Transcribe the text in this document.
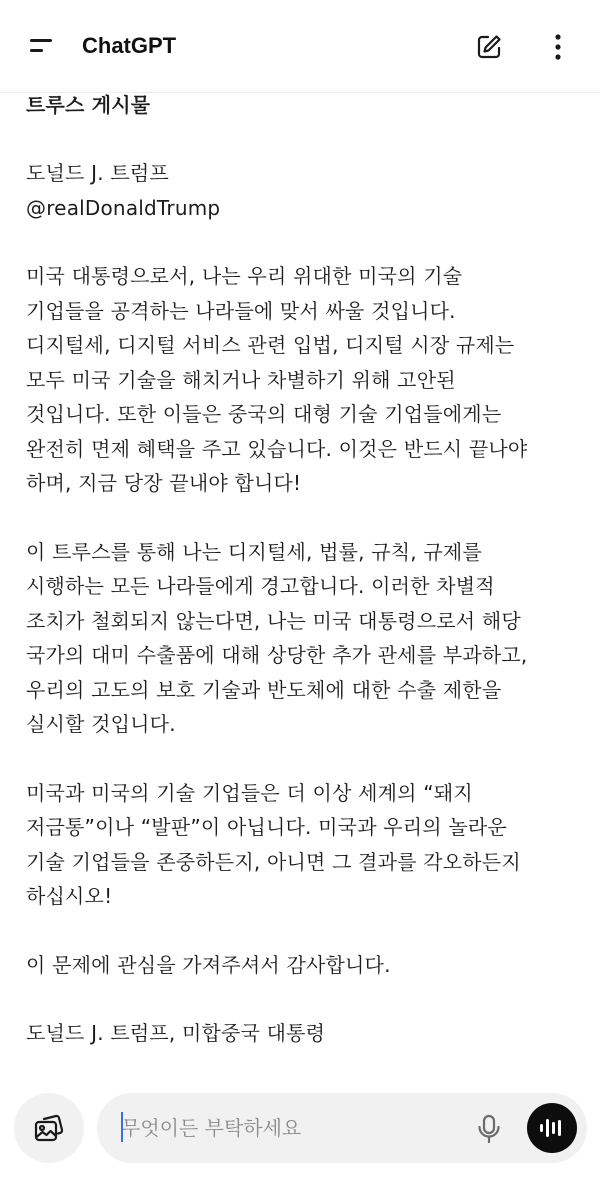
ChatGPT

트루스 게시물

도널드 J. 트럼프

@realDonaldTrump

미국 대통령으로서, 나는 우리 위대한 미국의 기술
기업들을 공격하는 나라들에 맞서 싸울 것입니다.
디지털세, 디지털 서비스 관련 입법, 디지털 시장 규제는
모두 미국 기술을 해치거나 차별하기 위해 고안된
것입니다. 또한 이들은 중국의 대형 기술 기업들에게는
완전히 면제 혜택을 주고 있습니다. 이것은 반드시 끝나야
하며, 지금 당장 끝내야 합니다!

이 트루스를 통해 나는 디지털세, 법률, 규칙, 규제를
시행하는 모든 나라들에게 경고합니다. 이러한 차별적
조치가 철회되지 않는다면, 나는 미국 대통령으로서 해당
국가의 대미 수출품에 대해 상당한 추가 관세를 부과하고,
우리의 고도의 보호 기술과 반도체에 대한 수출 제한을
실시할 것입니다.

미국과 미국의 기술 기업들은 더 이상 세계의 “돼지
저금통”이나 “발판”이 아닙니다. 미국과 우리의 놀라운
기술 기업들을 존중하든지, 아니면 그 결과를 각오하든지
하십시오!

이 문제에 관심을 가져주셔서 감사합니다.

도널드 J. 트럼프, 미합중국 대통령

무엇이든 부탁하세요
